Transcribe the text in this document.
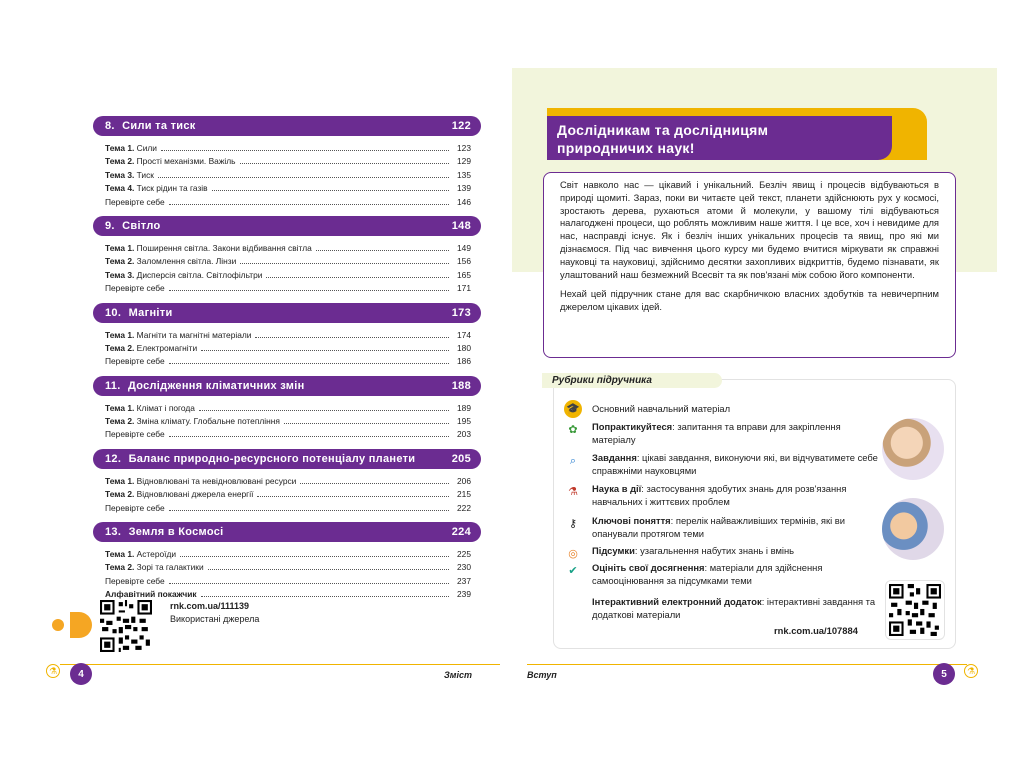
8. Сили та тиск	122
Тема 1. Сили	123
Тема 2. Прості механізми. Важіль	129
Тема 3. Тиск	135
Тема 4. Тиск рідин та газів	139
Перевірте себе	146
9. Світло	148
Тема 1. Поширення світла. Закони відбивання світла	149
Тема 2. Заломлення світла. Лінзи	156
Тема 3. Дисперсія світла. Світлофільтри	165
Перевірте себе	171
10. Магніти	173
Тема 1. Магніти та магнітні матеріали	174
Тема 2. Електромагніти	180
Перевірте себе	186
11. Дослідження кліматичних змін	188
Тема 1. Клімат і погода	189
Тема 2. Зміна клімату. Глобальне потепління	195
Перевірте себе	203
12. Баланс природно-ресурсного потенціалу планети	205
Тема 1. Відновлювані та невідновлювані ресурси	206
Тема 2. Відновлювані джерела енергії	215
Перевірте себе	222
13. Земля в Космосі	224
Тема 1. Астероїди	225
Тема 2. Зорі та галактики	230
Перевірте себе	237
Алфавітний покажчик	239
rnk.com.ua/111139
Використані джерела
⚗	4	Зміст
Дослідникам та дослідницям
природничих наук!

Світ навколо нас — цікавий і унікальний. Безліч явищ і процесів відбуваються в природі щомиті. Зараз, поки ви читаєте цей текст, планети здійснюють рух у космосі, зростають дерева, рухаються атоми й молекули, у вашому тілі відбуваються налагоджені процеси, що роблять можливим наше життя. І це все, хоч і невидиме для нас, насправді існує. Як і безліч інших унікальних процесів та явищ, про які ми дізнаємося. Під час вивчення цього курсу ми будемо вчитися міркувати як справжні науковці та науковиці, здійснимо десятки захопливих відкриттів, будемо пізнавати, як улаштований наш безмежний Всесвіт та як пов'язані між собою його компоненти.

Нехай цей підручник стане для вас скарбничкою власних здобутків та невичерпним джерелом цікавих ідей.

Рубрики підручника
🎓 Основний навчальний матеріал
✿	Попрактикуйтеся: запитання та вправи для закріплення матеріалу
⌕	Завдання: цікаві завдання, виконуючи які, ви відчуватимете себе справжніми науковцями
⚗	Наука в дії: застосування здобутих знань для розв'язання навчальних і життєвих проблем
⚷	Ключові поняття: перелік найважливіших термінів, які ви опанували протягом теми
◎	Підсумки: узагальнення набутих знань і вмінь
✔	Оцініть свої досягнення: матеріали для здійснення самооцінювання за підсумками теми
Інтерактивний електронний додаток: інтерактивні завдання та додаткові матеріали
rnk.com.ua/107884
Вступ	5	⚗
